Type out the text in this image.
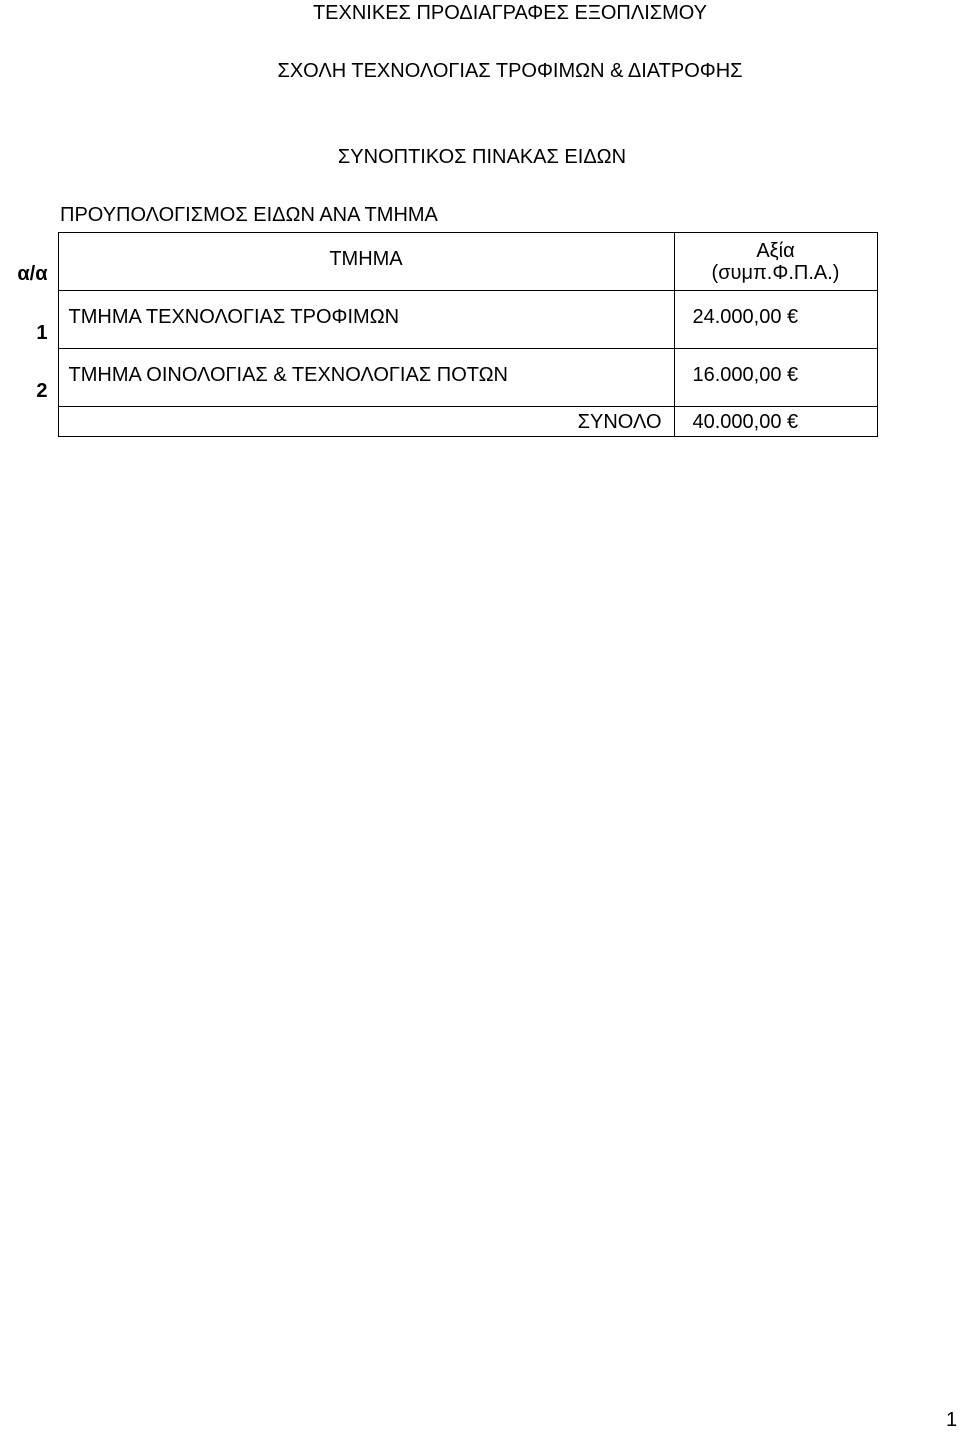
ΤΕΧΝΙΚΕΣ ΠΡΟΔΙΑΓΡΑΦΕΣ ΕΞΟΠΛΙΣΜΟΥ
ΣΧΟΛΗ ΤΕΧΝΟΛΟΓΙΑΣ ΤΡΟΦΙΜΩΝ & ΔΙΑΤΡΟΦΗΣ
ΣΥΝΟΠΤΙΚΟΣ ΠΙΝΑΚΑΣ ΕΙΔΩΝ
ΠΡΟΥΠΟΛΟΓΙΣΜΟΣ ΕΙΔΩΝ ΑΝΑ ΤΜΗΜΑ
α/α	ΤΜΗΜΑ	Αξία
(συμπ.Φ.Π.Α.)

1	ΤΜΗΜΑ ΤΕΧΝΟΛΟΓΙΑΣ ΤΡΟΦΙΜΩΝ	24.000,00 €
2	ΤΜΗΜΑ ΟΙΝΟΛΟΓΙΑΣ & ΤΕΧΝΟΛΟΓΙΑΣ ΠΟΤΩΝ	16.000,00 €
	ΣΥΝΟΛΟ	40.000,00 €
1
